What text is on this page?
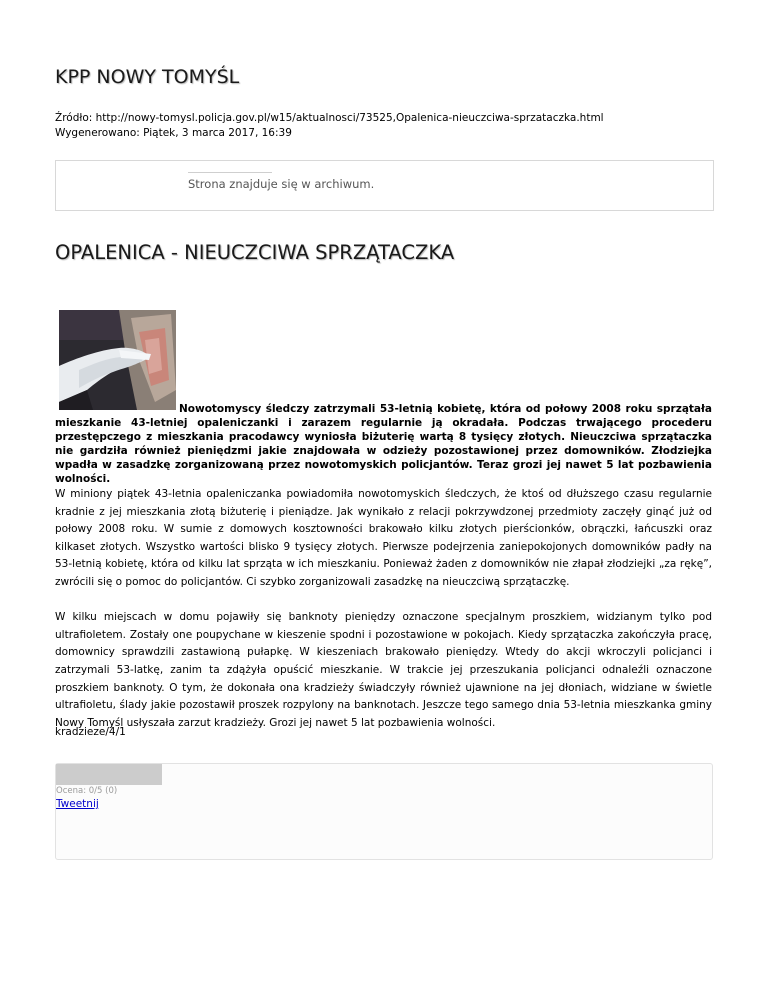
KPP NOWY TOMYŚL
Źródło: http://nowy-tomysl.policja.gov.pl/w15/aktualnosci/73525,Opalenica-nieuczciwa-sprzataczka.html
Wygenerowano: Piątek, 3 marca 2017, 16:39
Strona znajduje się w archiwum.
OPALENICA - NIEUCZCIWA SPRZĄTACZKA

Nowotomyscy śledczy zatrzymali 53-letnią kobietę, która od połowy 2008 roku sprzątała mieszkanie 43-letniej opaleniczanki i zarazem regularnie ją okradała. Podczas trwającego procederu przestępczego z mieszkania pracodawcy wyniosła biżuterię wartą 8 tysięcy złotych. Nieuczciwa sprzątaczka nie gardziła również pieniędzmi jakie znajdowała w odzieży pozostawionej przez domowników. Złodziejka wpadła w zasadzkę zorganizowaną przez nowotomyskich policjantów. Teraz grozi jej nawet 5 lat pozbawienia wolności.

W miniony piątek 43-letnia opaleniczanka powiadomiła nowotomyskich śledczych, że ktoś od dłuższego czasu regularnie kradnie z jej mieszkania złotą biżuterię i pieniądze. Jak wynikało z relacji pokrzywdzonej przedmioty zaczęły ginąć już od połowy 2008 roku. W sumie z domowych kosztowności brakowało kilku złotych pierścionków, obrączki, łańcuszki oraz kilkaset złotych. Wszystko wartości blisko 9 tysięcy złotych. Pierwsze podejrzenia zaniepokojonych domowników padły na 53-letnią kobietę, która od kilku lat sprząta w ich mieszkaniu. Ponieważ żaden z domowników nie złapał złodziejki „za rękę”, zwrócili się o pomoc do policjantów. Ci szybko zorganizowali zasadzkę na nieuczciwą sprzątaczkę.

W kilku miejscach w domu pojawiły się banknoty pieniędzy oznaczone specjalnym proszkiem, widzianym tylko pod ultrafioletem. Zostały one poupychane w kieszenie spodni i pozostawione w pokojach. Kiedy sprzątaczka zakończyła pracę, domownicy sprawdzili zastawioną pułapkę. W kieszeniach brakowało pieniędzy. Wtedy do akcji wkroczyli policjanci i zatrzymali 53-latkę, zanim ta zdążyła opuścić mieszkanie. W trakcie jej przeszukania policjanci odnaleźli oznaczone proszkiem banknoty. O tym, że dokonała ona kradzieży świadczyły również ujawnione na jej dłoniach, widziane w świetle ultrafioletu, ślady jakie pozostawił proszek rozpylony na banknotach. Jeszcze tego samego dnia 53-letnia mieszkanka gminy Nowy Tomyśl usłyszała zarzut kradzieży. Grozi jej nawet 5 lat pozbawienia wolności.

kradzieze/4/1
Ocena: 0/5 (0)
Tweetnij
